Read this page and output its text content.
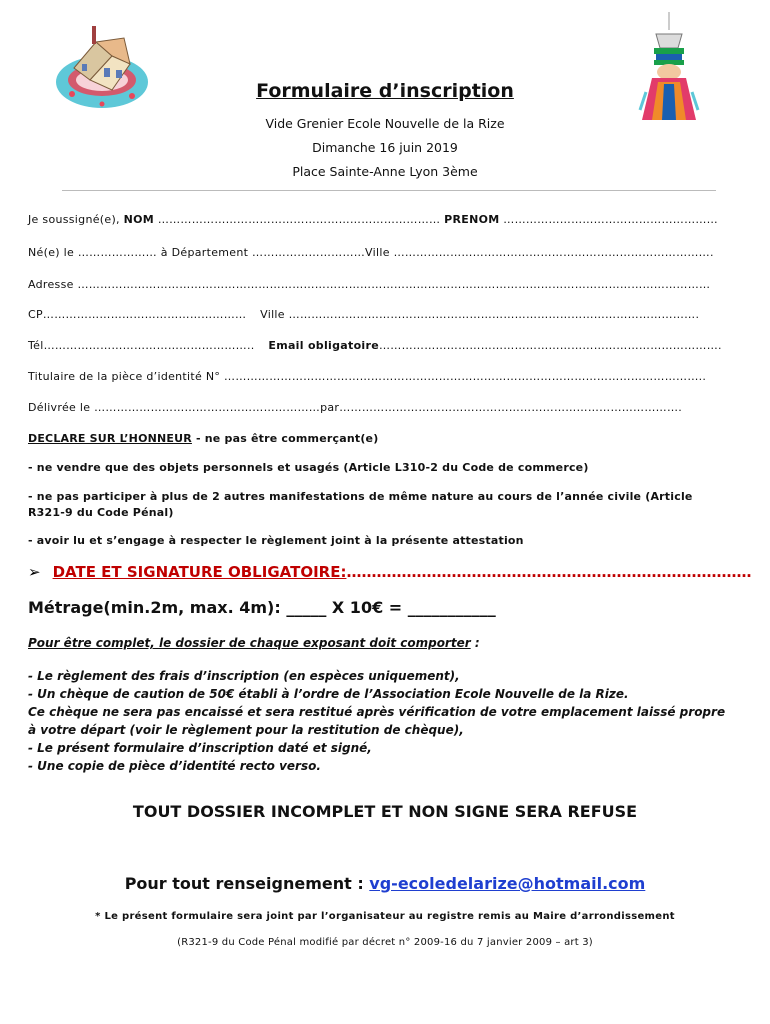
Formulaire d’inscription
Vide Grenier Ecole Nouvelle de la Rize
Dimanche 16 juin 2019
Place Sainte-Anne Lyon 3ème
Je soussigné(e), NOM ………………………………………………………………… PRENOM …………………………………………………
Né(e) le ………………… à Département …………………………Ville ………………………………………………………………………….
Adresse ……………………………………………………………………………………………………………………………………………………
CP……………………………………………… Ville ……………………………………………………………………………………………….
Tél……………………………………………….. Email obligatoire……………………………………………………………………………….
Titulaire de la pièce d’identité N° ………………………………………………………………………………………………………………..
Délivrée le ……………………………………………………par……………………………………………………………………………….
DECLARE SUR L’HONNEUR - ne pas être commerçant(e)
- ne vendre que des objets personnels et usagés (Article L310-2 du Code de commerce)
- ne pas participer à plus de 2 autres manifestations de même nature au cours de l’année civile (Article R321-9 du Code Pénal)
- avoir lu et s’engage à respecter le règlement joint à la présente attestation
➢ DATE ET SIGNATURE OBLIGATOIRE:………………………………………………………………………
Métrage(min.2m, max. 4m): _____ X 10€ = ___________
Pour être complet, le dossier de chaque exposant doit comporter :
- Le règlement des frais d’inscription (en espèces uniquement),
- Un chèque de caution de 50€ établi à l’ordre de l’Association Ecole Nouvelle de la Rize.
Ce chèque ne sera pas encaissé et sera restitué après vérification de votre emplacement laissé propre
à votre départ (voir le règlement pour la restitution de chèque),
- Le présent formulaire d’inscription daté et signé,
- Une copie de pièce d’identité recto verso.
TOUT DOSSIER INCOMPLET ET NON SIGNE SERA REFUSE
Pour tout renseignement : vg-ecoledelarize@hotmail.com
* Le présent formulaire sera joint par l’organisateur au registre remis au Maire d’arrondissement
(R321-9 du Code Pénal modifié par décret n° 2009-16 du 7 janvier 2009 – art 3)
